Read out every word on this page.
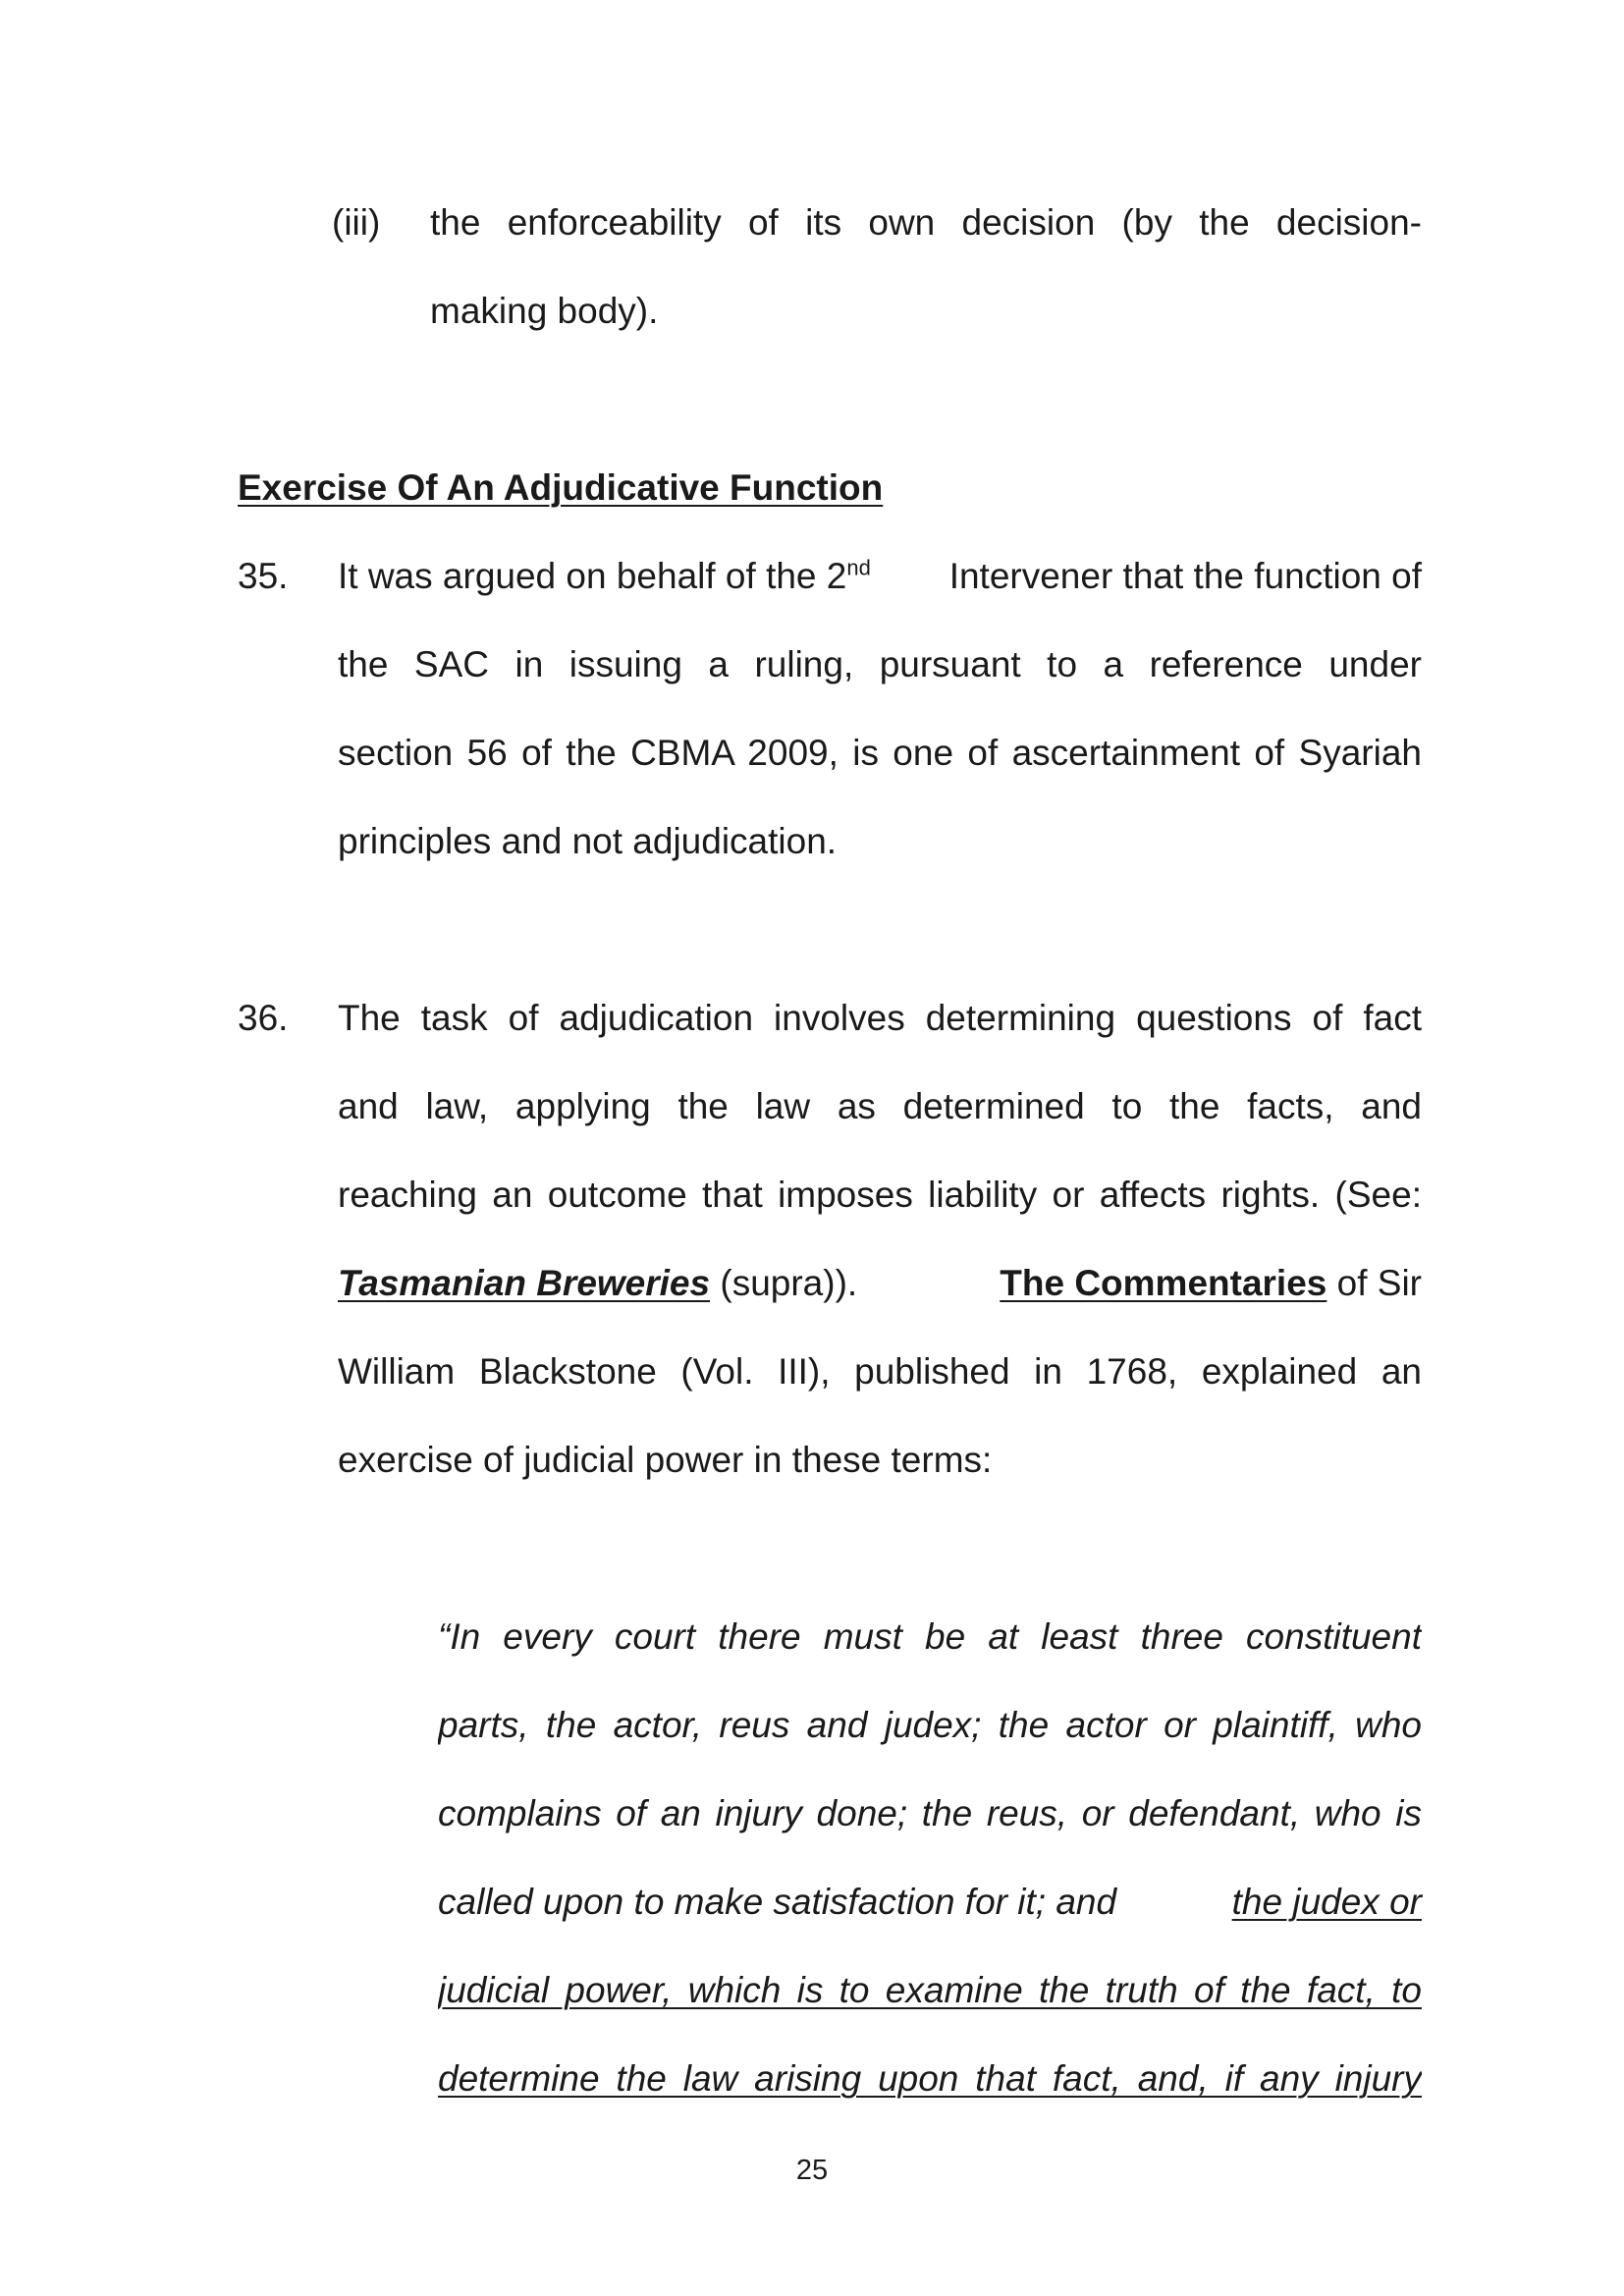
(iii) the enforceability of its own decision (by the decision-
making body).
Exercise Of An Adjudicative Function
35. It was argued on behalf of the 2nd Intervener that the function of
the SAC in issuing a ruling, pursuant to a reference under
section 56 of the CBMA 2009, is one of ascertainment of Syariah
principles and not adjudication.
36. The task of adjudication involves determining questions of fact
and law, applying the law as determined to the facts, and
reaching an outcome that imposes liability or affects rights. (See:
Tasmanian Breweries (supra)).	The Commentaries of Sir
William Blackstone (Vol. III), published in 1768, explained an
exercise of judicial power in these terms:
“In every court there must be at least three constituent
parts, the actor, reus and judex; the actor or plaintiff, who
complains of an injury done; the reus, or defendant, who is
called upon to make satisfaction for it; and	the judex or
judicial power, which is to examine the truth of the fact, to
determine the law arising upon that fact, and, if any injury
25
